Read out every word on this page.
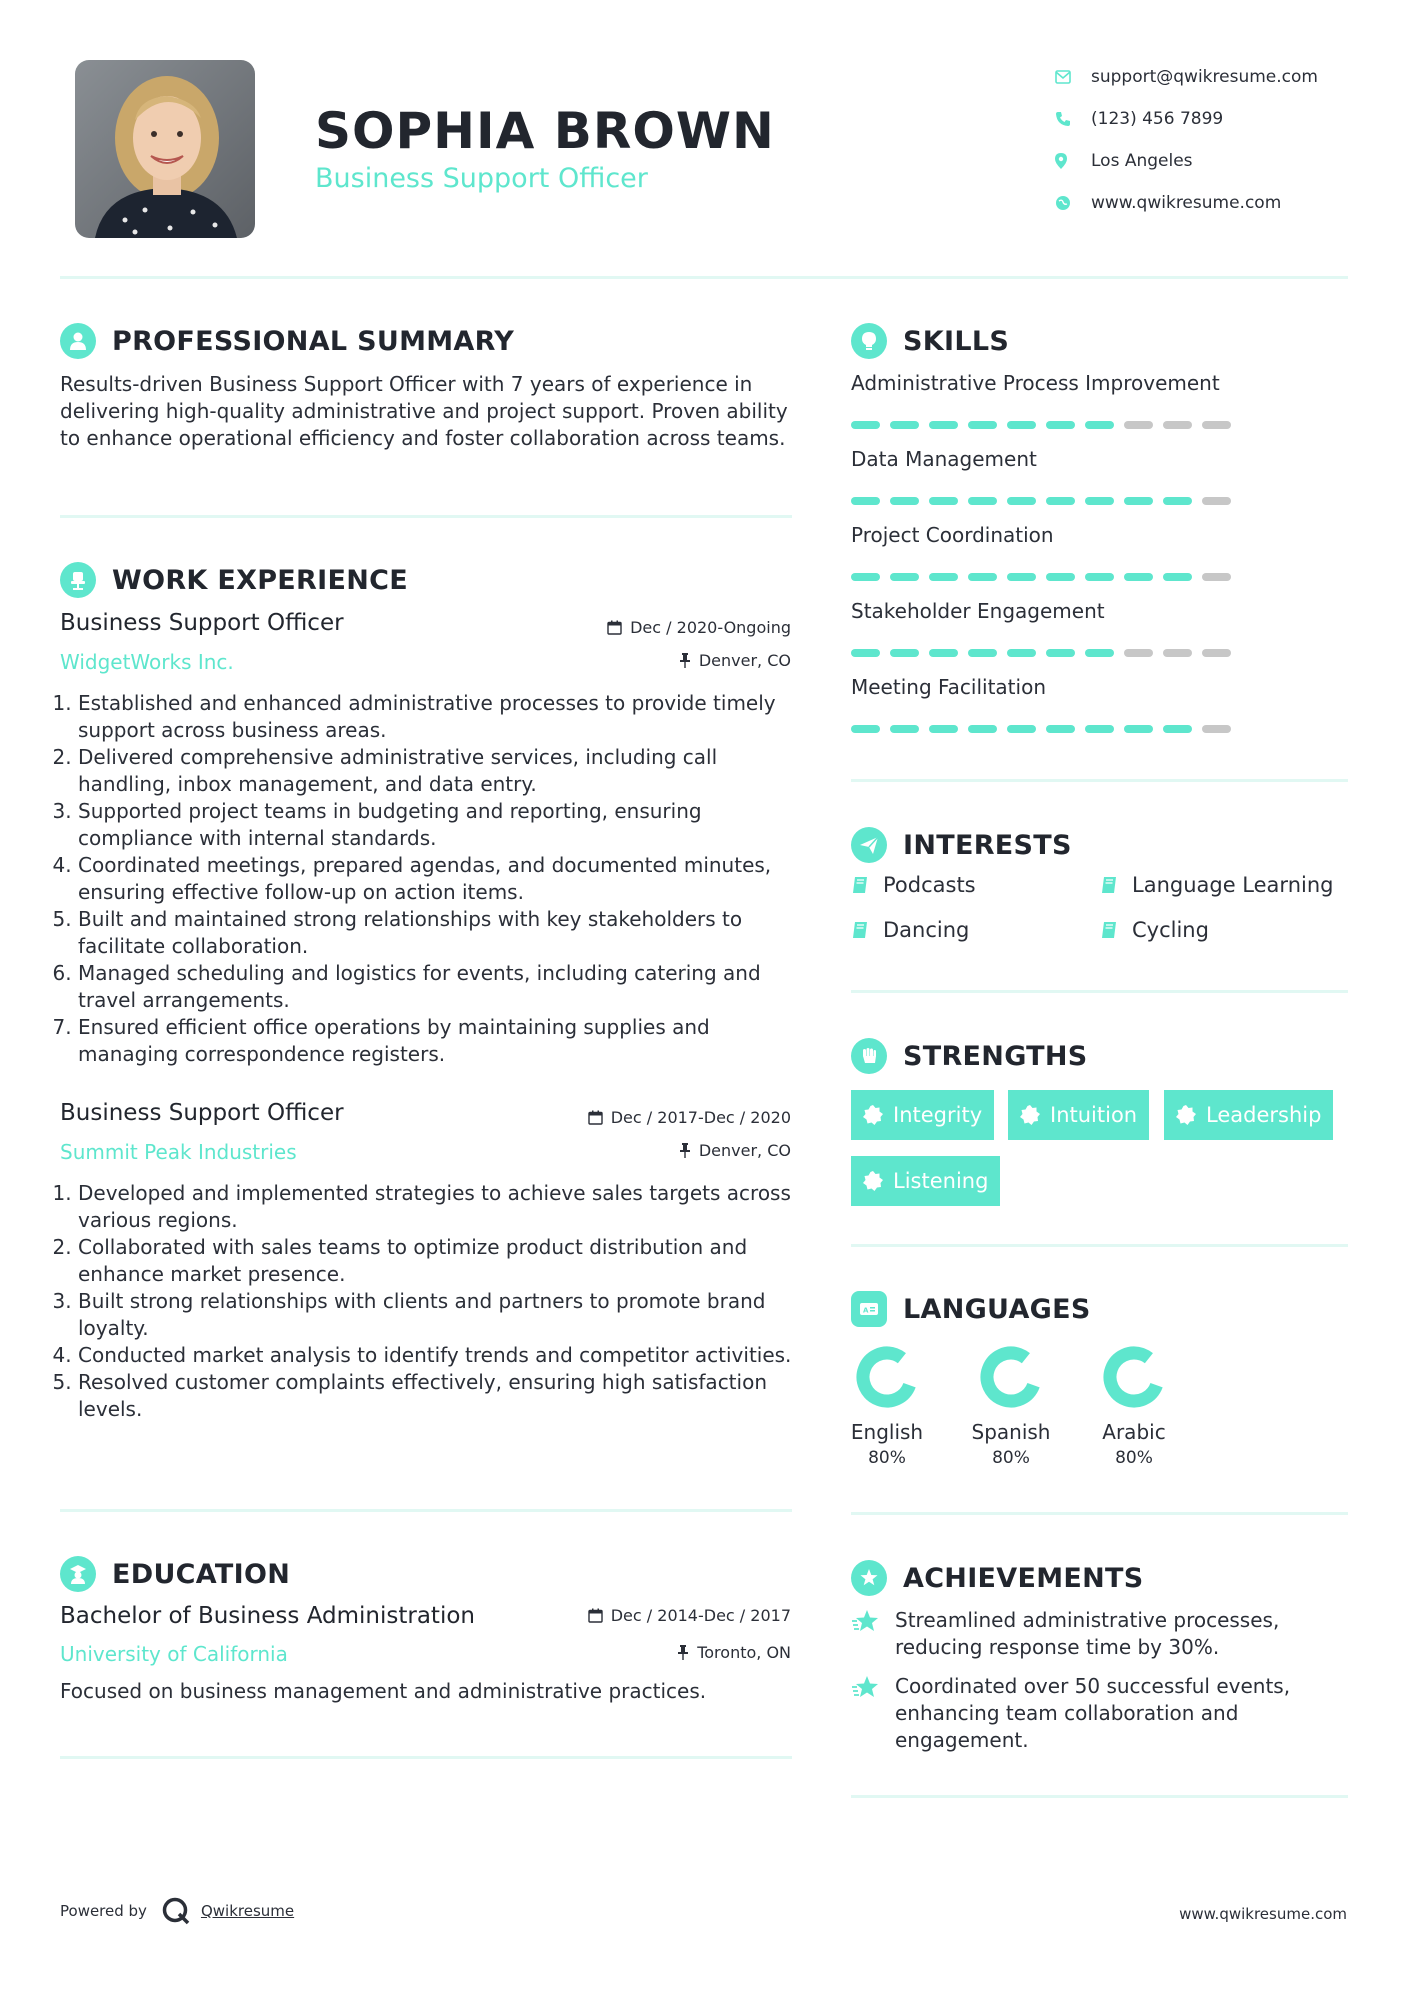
SOPHIA BROWN
Business Support Officer
support@qwikresume.com
(123) 456 7899
Los Angeles
www.qwikresume.com
PROFESSIONAL SUMMARY
Results-driven Business Support Officer with 7 years of experience in delivering high-quality administrative and project support. Proven ability to enhance operational efficiency and foster collaboration across teams.
WORK EXPERIENCE
Business Support Officer	Dec / 2020-Ongoing
WidgetWorks Inc.	Denver, CO
1. Established and enhanced administrative processes to provide timely support across business areas.
2. Delivered comprehensive administrative services, including call handling, inbox management, and data entry.
3. Supported project teams in budgeting and reporting, ensuring compliance with internal standards.
4. Coordinated meetings, prepared agendas, and documented minutes, ensuring effective follow-up on action items.
5. Built and maintained strong relationships with key stakeholders to facilitate collaboration.
6. Managed scheduling and logistics for events, including catering and travel arrangements.
7. Ensured efficient office operations by maintaining supplies and managing correspondence registers.
Business Support Officer	Dec / 2017-Dec / 2020
Summit Peak Industries	Denver, CO
1. Developed and implemented strategies to achieve sales targets across various regions.
2. Collaborated with sales teams to optimize product distribution and enhance market presence.
3. Built strong relationships with clients and partners to promote brand loyalty.
4. Conducted market analysis to identify trends and competitor activities.
5. Resolved customer complaints effectively, ensuring high satisfaction levels.
EDUCATION
Bachelor of Business Administration	Dec / 2014-Dec / 2017
University of California	Toronto, ON
Focused on business management and administrative practices.
SKILLS
Administrative Process Improvement
Data Management
Project Coordination
Stakeholder Engagement
Meeting Facilitation
INTERESTS
Podcasts	Language Learning
Dancing	Cycling
STRENGTHS
Integrity	Intuition	Leadership
Listening
A LANGUAGES
English
80%
Spanish
80%
Arabic
80%
ACHIEVEMENTS
Streamlined administrative processes, reducing response time by 30%.
Coordinated over 50 successful events, enhancing team collaboration and engagement.
Powered by	Qwikresume	www.qwikresume.com
